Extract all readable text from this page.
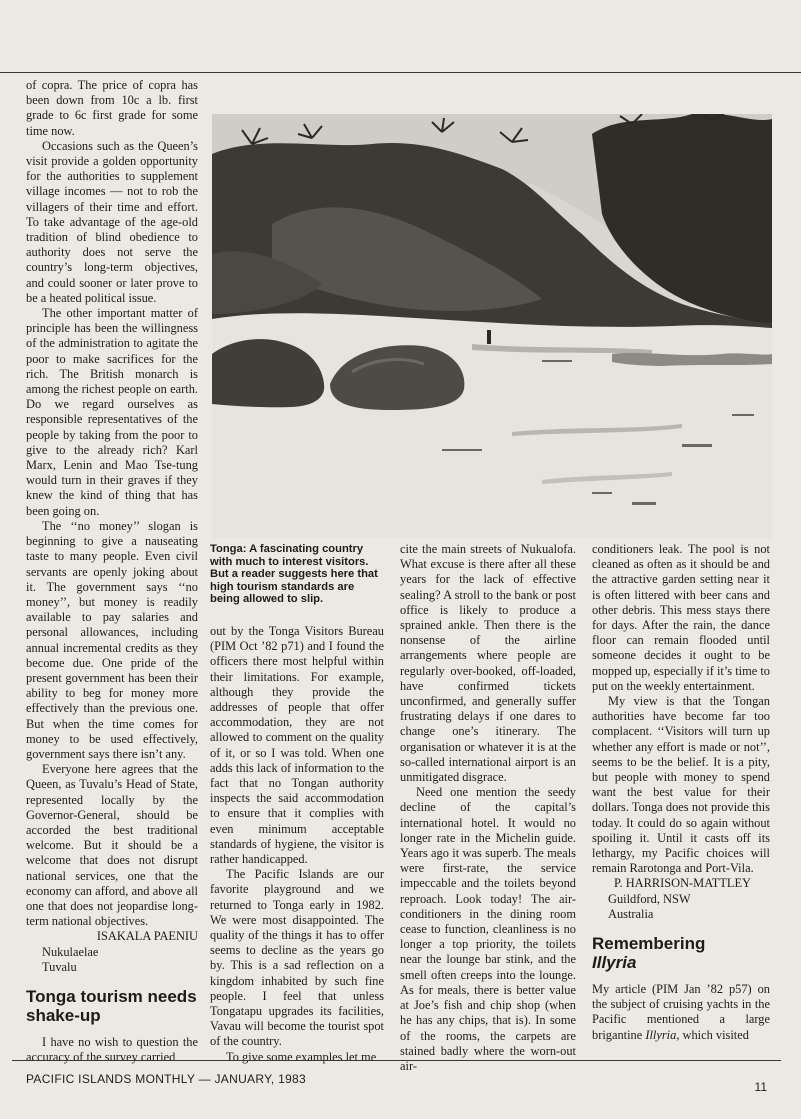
of copra. The price of copra has been down from 10c a lb. first grade to 6c first grade for some time now.

Occasions such as the Queen’s visit provide a golden opportunity for the authorities to supplement village incomes — not to rob the villagers of their time and effort. To take advantage of the age-old tradition of blind obedience to authority does not serve the country’s long-term objectives, and could sooner or later prove to be a heated political issue.

The other important matter of principle has been the willingness of the administration to agitate the poor to make sacrifices for the rich. The British monarch is among the richest people on earth. Do we regard ourselves as responsible representatives of the people by taking from the poor to give to the already rich? Karl Marx, Lenin and Mao Tse-tung would turn in their graves if they knew the kind of thing that has been going on.

The ‘‘no money’’ slogan is beginning to give a nauseating taste to many people. Even civil servants are openly joking about it. The government says ‘‘no money’’, but money is readily available to pay salaries and personal allowances, including annual incremental credits as they become due. One pride of the present government has been their ability to beg for money more effectively than the previous one. But when the time comes for money to be used effectively, government says there isn’t any.

Everyone here agrees that the Queen, as Tuvalu’s Head of State, represented locally by the Governor-General, should be accorded the best traditional welcome. But it should be a welcome that does not disrupt national services, one that the economy can afford, and above all one that does not jeopardise long-term national objectives.

ISAKALA PAENIU

Nukulaelae

Tuvalu

Tonga tourism needs shake-up

I have no wish to question the accuracy of the survey carried

Tonga: A fascinating country with much to interest visitors. But a reader suggests here that high tourism standards are being allowed to slip.

out by the Tonga Visitors Bureau (PIM Oct ’82 p71) and I found the officers there most helpful within their limitations. For example, although they provide the addresses of people that offer accommodation, they are not allowed to comment on the quality of it, or so I was told. When one adds this lack of information to the fact that no Tongan authority inspects the said accommodation to ensure that it complies with even minimum acceptable standards of hygiene, the visitor is rather handicapped.

The Pacific Islands are our favorite playground and we returned to Tonga early in 1982. We were most disappointed. The quality of the things it has to offer seems to decline as the years go by. This is a sad reflection on a kingdom inhabited by such fine people. I feel that unless Tongatapu upgrades its facilities, Vavau will become the tourist spot of the country.

To give some examples let me

cite the main streets of Nukualofa. What excuse is there after all these years for the lack of effective sealing? A stroll to the bank or post office is likely to produce a sprained ankle. Then there is the nonsense of the airline arrangements where people are regularly over-booked, off-loaded, have confirmed tickets unconfirmed, and generally suffer frustrating delays if one dares to change one’s itinerary. The organisation or whatever it is at the so-called international airport is an unmitigated disgrace.

Need one mention the seedy decline of the capital’s international hotel. It would no longer rate in the Michelin guide. Years ago it was superb. The meals were first-rate, the service impeccable and the toilets beyond reproach. Look today! The air-conditioners in the dining room cease to function, cleanliness is no longer a top priority, the toilets near the lounge bar stink, and the smell often creeps into the lounge. As for meals, there is better value at Joe’s fish and chip shop (when he has any chips, that is). In some of the rooms, the carpets are stained badly where the worn-out air-

conditioners leak. The pool is not cleaned as often as it should be and the attractive garden setting near it is often littered with beer cans and other debris. This mess stays there for days. After the rain, the dance floor can remain flooded until someone decides it ought to be mopped up, especially if it’s time to put on the weekly entertainment.

My view is that the Tongan authorities have become far too complacent. ‘‘Visitors will turn up whether any effort is made or not’’, seems to be the belief. It is a pity, but people with money to spend want the best value for their dollars. Tonga does not provide this today. It could do so again without spoiling it. Until it casts off its lethargy, my Pacific choices will remain Rarotonga and Port-Vila.

P. HARRISON-MATTLEY

Guildford, NSW

Australia

Remembering
Illyria

My article (PIM Jan ’82 p57) on the subject of cruising yachts in the Pacific mentioned a large brigantine Illyria, which visited

PACIFIC ISLANDS MONTHLY — JANUARY, 1983
11
